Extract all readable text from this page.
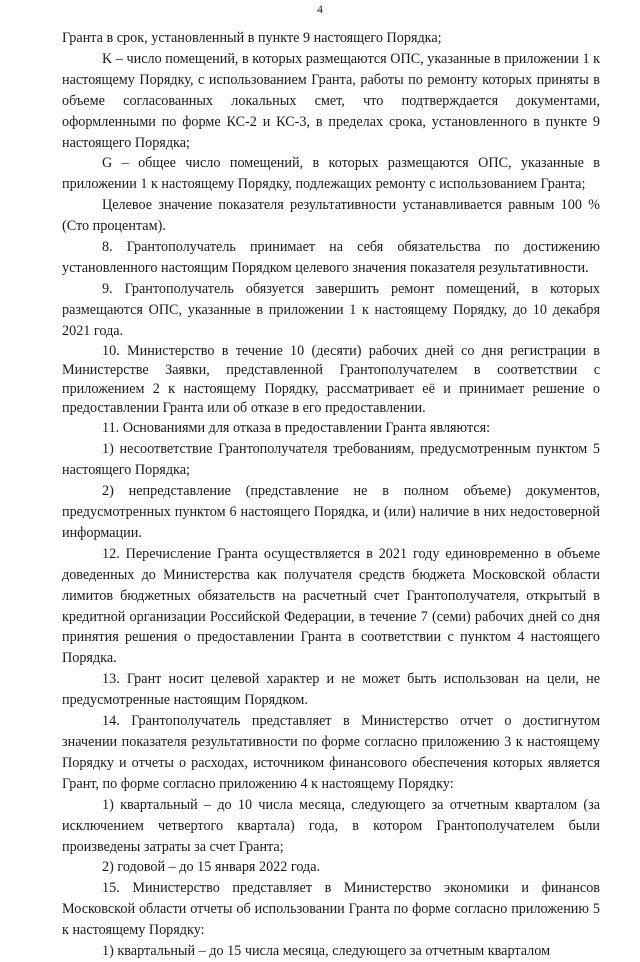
4

Гранта в срок, установленный в пункте 9 настоящего Порядка;

K – число помещений, в которых размещаются ОПС, указанные в приложении 1 к настоящему Порядку, с использованием Гранта, работы по ремонту которых приняты в объеме согласованных локальных смет, что подтверждается документами, оформленными по форме КС-2 и КС-3, в пределах срока, установленного в пункте 9 настоящего Порядка;

G – общее число помещений, в которых размещаются ОПС, указанные в приложении 1 к настоящему Порядку, подлежащих ремонту с использованием Гранта;

Целевое значение показателя результативности устанавливается равным 100 % (Сто процентам).

8. Грантополучатель принимает на себя обязательства по достижению установленного настоящим Порядком целевого значения показателя результативности.

9. Грантополучатель обязуется завершить ремонт помещений, в которых размещаются ОПС, указанные в приложении 1 к настоящему Порядку, до 10 декабря 2021 года.

10. Министерство в течение 10 (десяти) рабочих дней со дня регистрации в Министерстве Заявки, представленной Грантополучателем в соответствии с приложением 2 к настоящему Порядку, рассматривает её и принимает решение о предоставлении Гранта или об отказе в его предоставлении.

11. Основаниями для отказа в предоставлении Гранта являются:

1) несоответствие Грантополучателя требованиям, предусмотренным пунктом 5 настоящего Порядка;

2) непредставление (представление не в полном объеме) документов, предусмотренных пунктом 6 настоящего Порядка, и (или) наличие в них недостоверной информации.

12. Перечисление Гранта осуществляется в 2021 году единовременно в объеме доведенных до Министерства как получателя средств бюджета Московской области лимитов бюджетных обязательств на расчетный счет Грантополучателя, открытый в кредитной организации Российской Федерации, в течение 7 (семи) рабочих дней со дня принятия решения о предоставлении Гранта в соответствии с пунктом 4 настоящего Порядка.

13. Грант носит целевой характер и не может быть использован на цели, не предусмотренные настоящим Порядком.

14. Грантополучатель представляет в Министерство отчет о достигнутом значении показателя результативности по форме согласно приложению 3 к настоящему Порядку и отчеты о расходах, источником финансового обеспечения которых является Грант, по форме согласно приложению 4 к настоящему Порядку:

1) квартальный – до 10 числа месяца, следующего за отчетным кварталом (за исключением четвертого квартала) года, в котором Грантополучателем были произведены затраты за счет Гранта;

2) годовой – до 15 января 2022 года.

15. Министерство представляет в Министерство экономики и финансов Московской области отчеты об использовании Гранта по форме согласно приложению 5 к настоящему Порядку:

1) квартальный – до 15 числа месяца, следующего за отчетным кварталом
